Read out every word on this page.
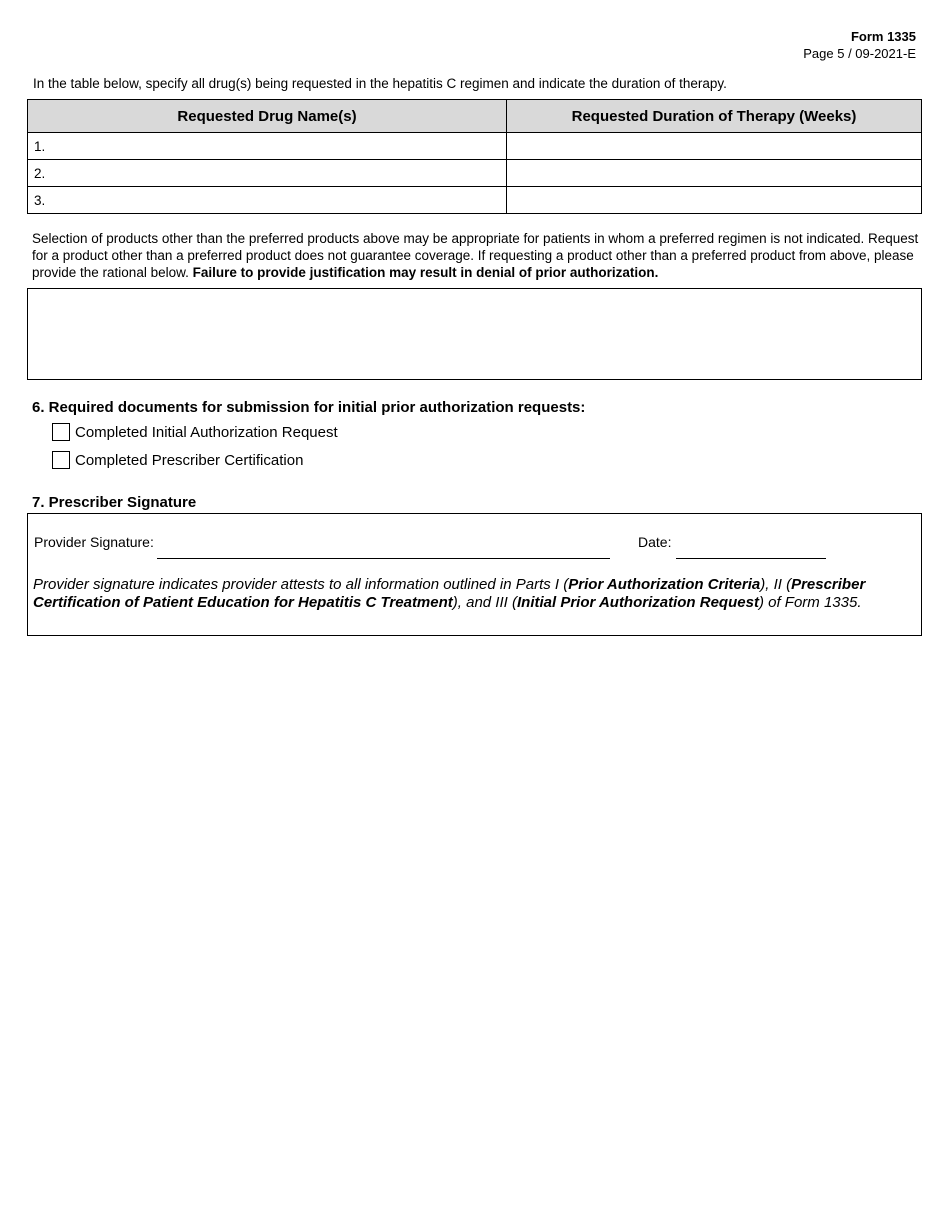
Form 1335
Page 5 / 09-2021-E
In the table below, specify all drug(s) being requested in the hepatitis C regimen and indicate the duration of therapy.
Requested Drug Name(s)	Requested Duration of Therapy (Weeks)
1.	
2.	
3.	
Selection of products other than the preferred products above may be appropriate for patients in whom a preferred regimen is not indicated. Request for a product other than a preferred product does not guarantee coverage. If requesting a product other than a preferred product from above, please provide the rational below. Failure to provide justification may result in denial of prior authorization.
6. Required documents for submission for initial prior authorization requests:
Completed Initial Authorization Request
Completed Prescriber Certification
7. Prescriber Signature
Provider Signature:	Date:
Provider signature indicates provider attests to all information outlined in Parts I (Prior Authorization Criteria), II (Prescriber Certification of Patient Education for Hepatitis C Treatment), and III (Initial Prior Authorization Request) of Form 1335.
